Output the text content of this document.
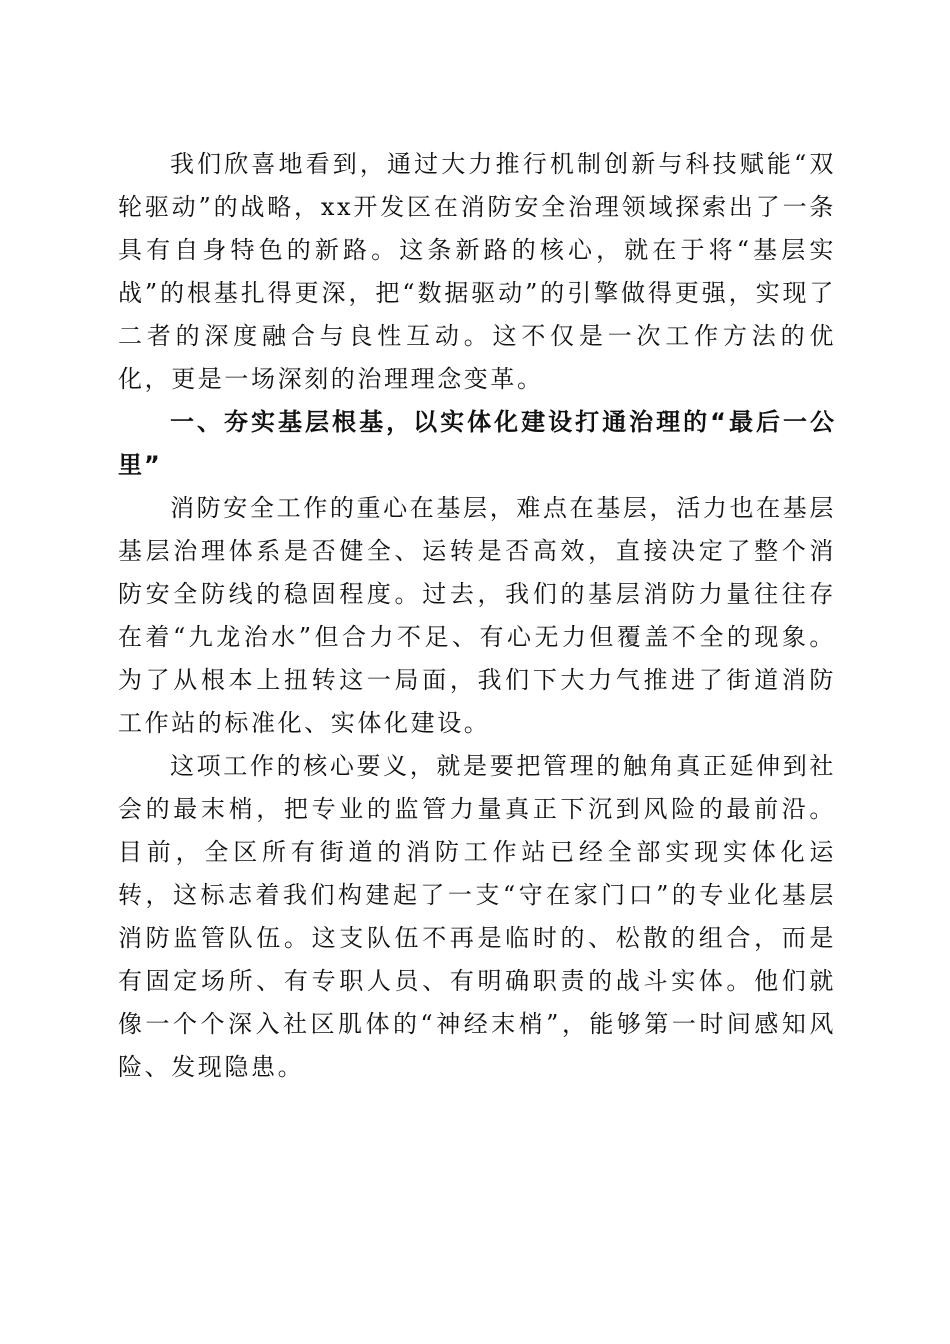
我们欣喜地看到，通过大力推行机制创新与科技赋能“双轮驱动”的战略，xx开发区在消防安全治理领域探索出了一条具有自身特色的新路。这条新路的核心，就在于将“基层实战”的根基扎得更深，把“数据驱动”的引擎做得更强，实现了二者的深度融合与良性互动。这不仅是一次工作方法的优化，更是一场深刻的治理理念变革。

一、夯实基层根基，以实体化建设打通治理的“最后一公里”

消防安全工作的重心在基层，难点在基层，活力也在基层基层治理体系是否健全、运转是否高效，直接决定了整个消防安全防线的稳固程度。过去，我们的基层消防力量往往存在着“九龙治水”但合力不足、有心无力但覆盖不全的现象。为了从根本上扭转这一局面，我们下大力气推进了街道消防工作站的标准化、实体化建设。

这项工作的核心要义，就是要把管理的触角真正延伸到社会的最末梢，把专业的监管力量真正下沉到风险的最前沿。目前，全区所有街道的消防工作站已经全部实现实体化运转，这标志着我们构建起了一支“守在家门口”的专业化基层消防监管队伍。这支队伍不再是临时的、松散的组合，而是有固定场所、有专职人员、有明确职责的战斗实体。他们就像一个个深入社区肌体的“神经末梢”，能够第一时间感知风险、发现隐患。
